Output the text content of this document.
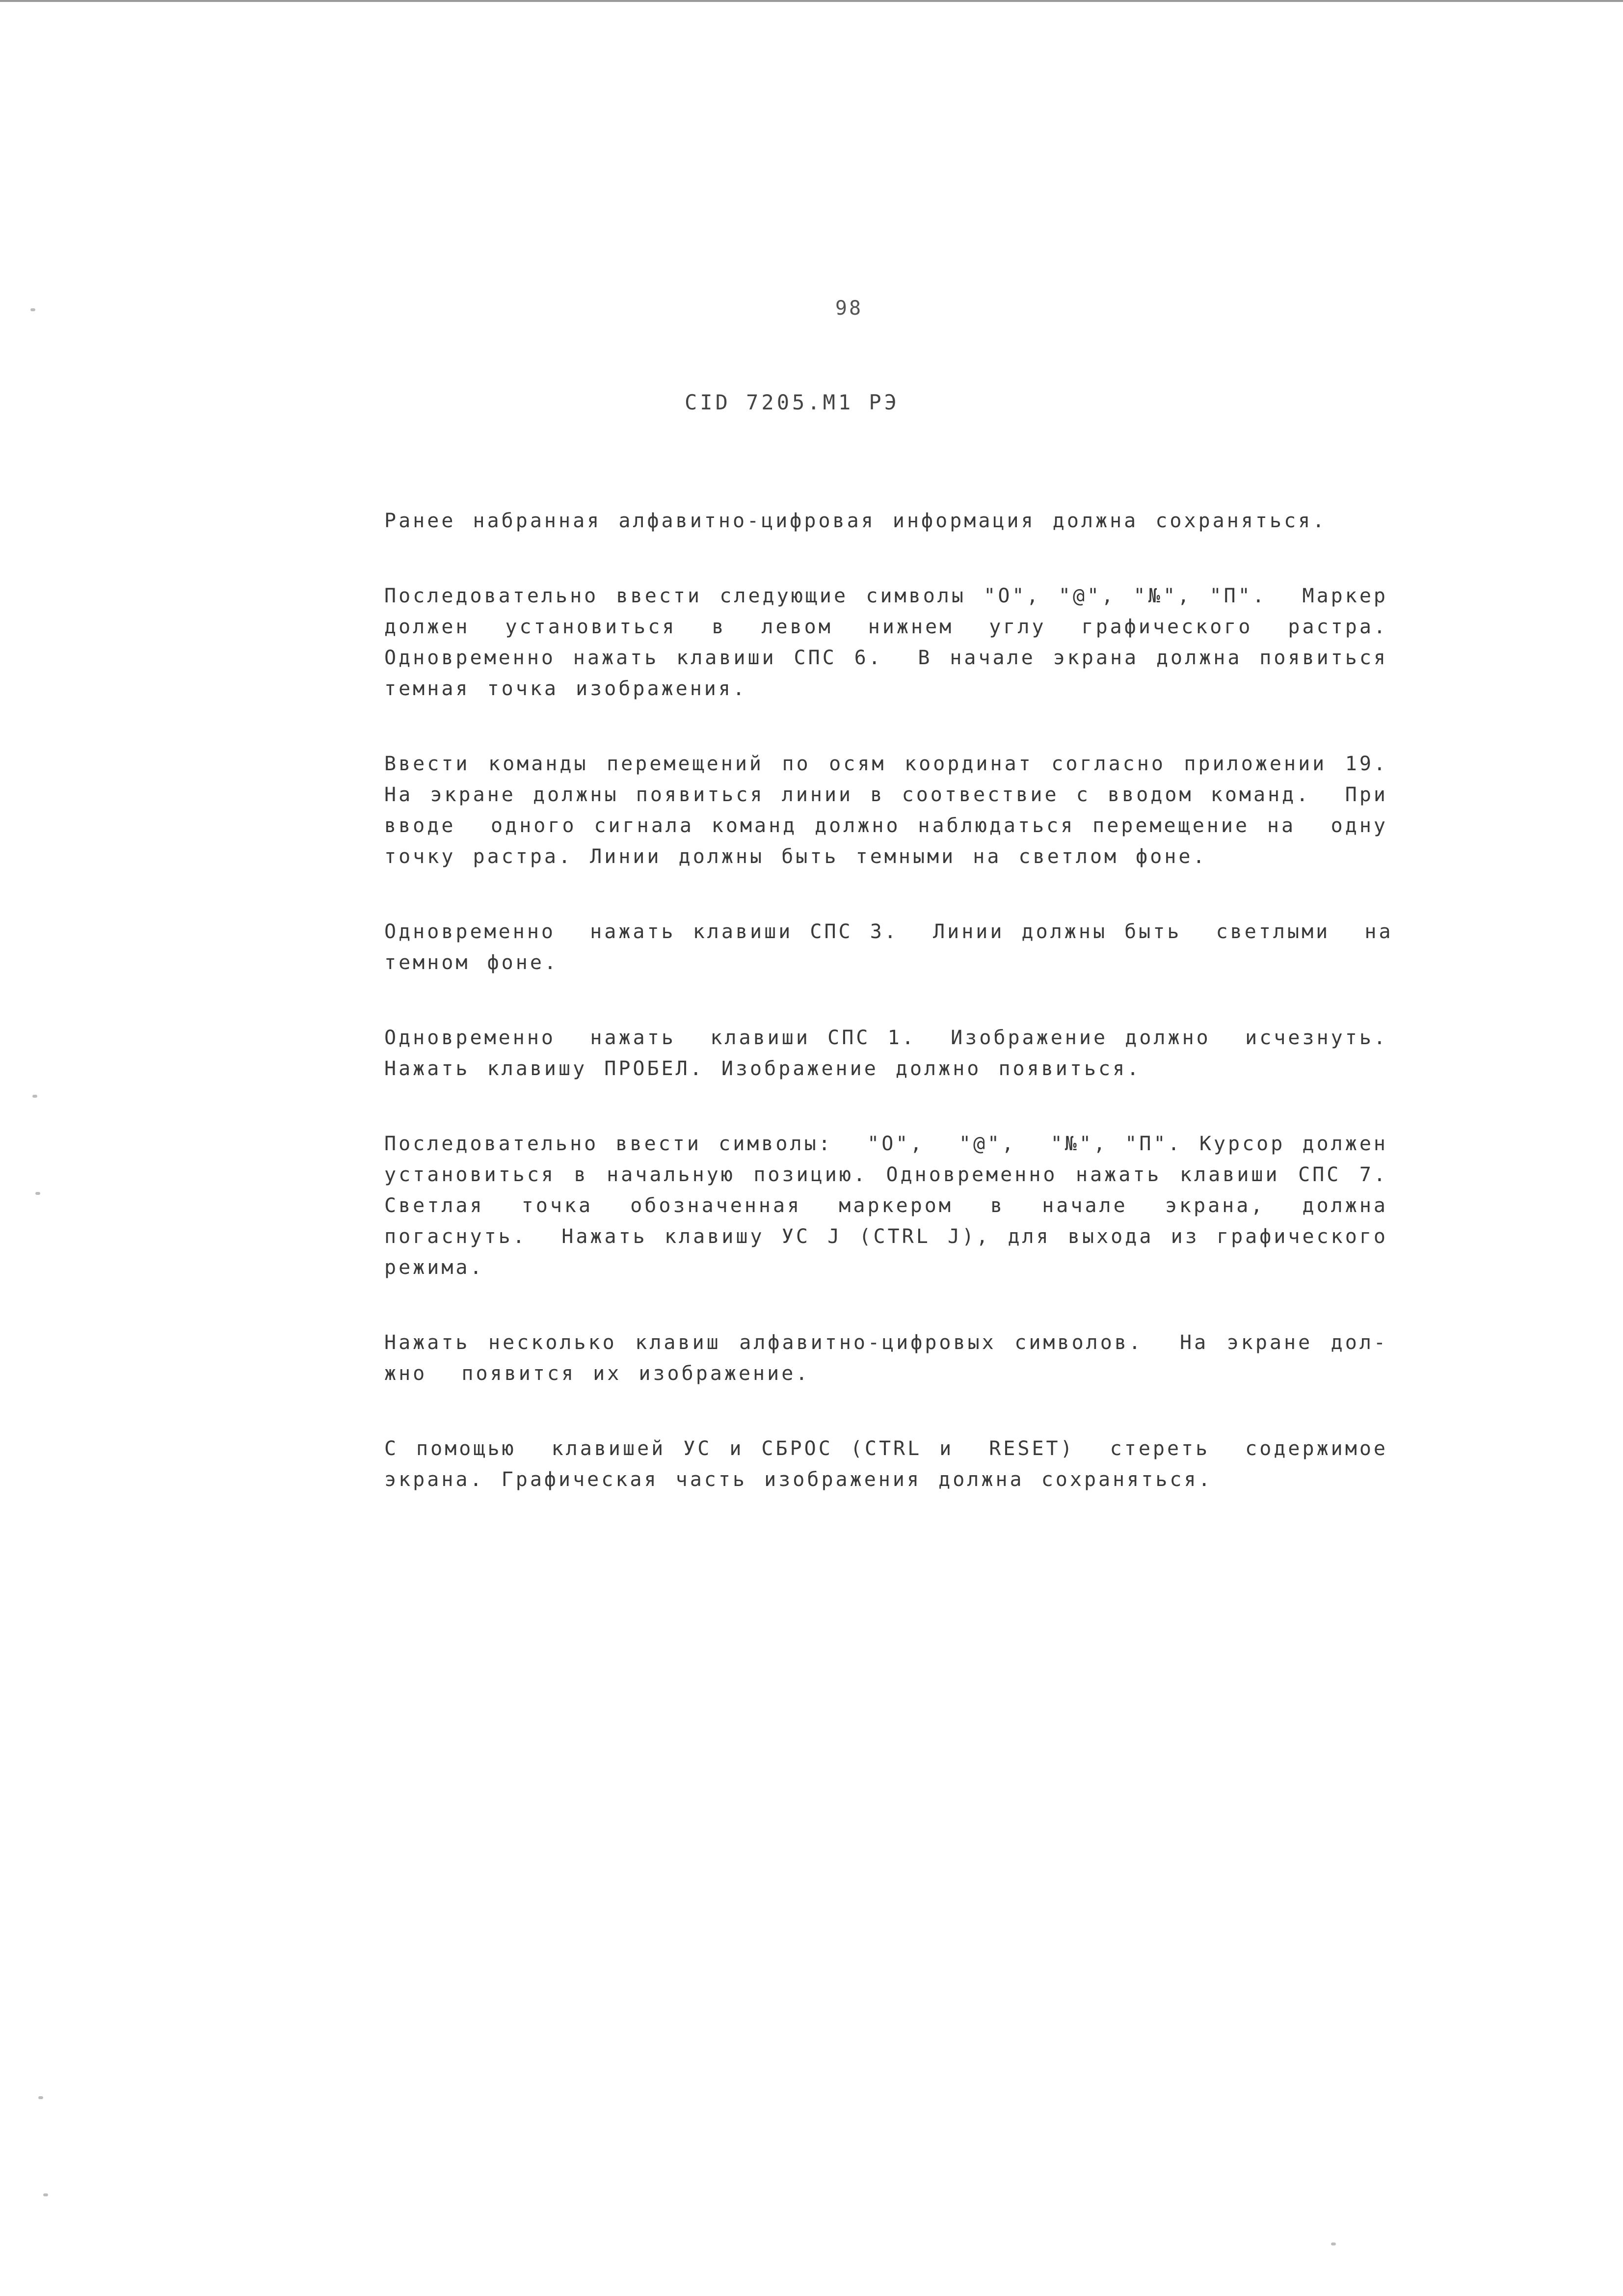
98
CID 7205.M1 РЭ
Ранее набранная алфавитно-цифровая информация должна сохраняться.
Последовательно ввести следующие символы "О", "@", "№", "П".  Маркер
должен  установиться  в  левом  нижнем  углу  графического  растра.
Одновременно нажать клавиши СПС 6.  В начале экрана должна появиться
темная точка изображения.
Ввести команды перемещений по осям координат согласно приложении 19.
На экране должны появиться линии в соотвествие с вводом команд.  При
вводе  одного сигнала команд должно наблюдаться перемещение на  одну
точку растра. Линии должны быть темными на светлом фоне.
Одновременно  нажать клавиши СПС 3.  Линии должны быть  светлыми  на
темном фоне.
Одновременно  нажать  клавиши СПС 1.  Изображение должно  исчезнуть.
Нажать клавишу ПРОБЕЛ. Изображение должно появиться.
Последовательно ввести символы:  "О",  "@",  "№", "П". Курсор должен
установиться в начальную позицию. Одновременно нажать клавиши СПС 7.
Светлая  точка  обозначенная  маркером  в  начале  экрана,  должна
погаснуть.  Нажать клавишу УС J (CTRL J), для выхода из графического
режима.
Нажать несколько клавиш алфавитно-цифровых символов.  На экране дол-
жно  появится их изображение.
С помощью  клавишей УС и СБРОС (CTRL и  RESET)  стереть  содержимое
экрана. Графическая часть изображения должна сохраняться.
